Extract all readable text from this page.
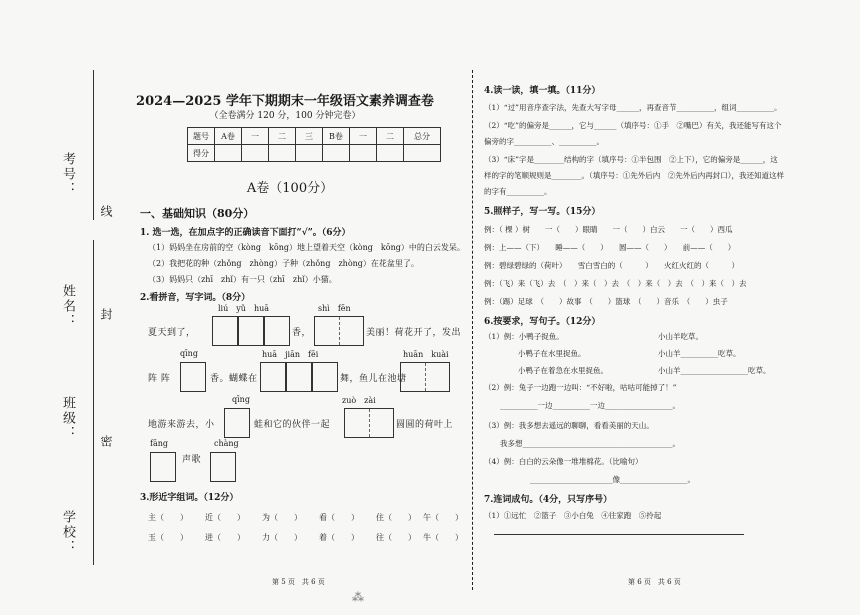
考号：
线
姓名： 封
班级：
密
学校：
2024—2025 学年下期期末一年级语文素养调查卷
（全卷满分 120 分，100 分钟完卷）
题号	A卷	一	二	三	B卷	一	二	总分
得分								
A卷（100分）
一、基础知识（80分）
1. 选一选，在加点字的正确读音下面打“√”。（6分）
（1）妈妈坐在房前的空（kòng　kōng）地上望着天空（kòng　kōng）中的白云发呆。
（2）我把花的种（zhǒng　zhòng）子种（zhǒng　zhòng）在花盆里了。
（3）妈妈只（zhī　zhǐ）有一只（zhī　zhǐ）小猫。
2.看拼音，写字词。（8分）
liú　yǔ　huā	shì　fēn
夏天到了，	香，	美丽！荷花开了，发出
qīng	huā　jiān　fēi	huān　kuài
阵 阵	香。蝴蝶在	舞，鱼儿在池塘
qīng	zuò　zài
地游来游去，小	蛙和它的伙伴一起	圆圆的荷叶上
fāng	chàng
声歌
3.形近字组词。（12分）
主（　　） 近（　　） 为（　　） 看（　　） 住（　　） 午（　　）
玉（　　） 进（　　） 力（　　） 着（　　） 往（　　） 牛（　　）
第 5 页　共 6 页
4.读一读，填一填。（11分）
（1）“过”用音序查字法，先查大写字母______，再查音节__________，组词__________。
（2）“吃”的偏旁是______，它与______（填序号：①手　②嘴巴）有关，我还能写有这个
偏旁的字__________、__________。
（3）“床”字是________结构的字（填序号：①半包围　②上下），它的偏旁是______，这
样的字的笔顺规则是________。（填序号：①先外后内　②先外后内再封口），我还知道这样
的字有__________。
5.照样子，写一写。（15分）
例：（ 棵 ）树　　一（　　）眼睛　　一（　　）白云　　一（　　）西瓜
例：上——（下）　　睡——（　　）　　圆——（　　）　　前——（　　）
例：碧绿碧绿的（荷叶）　　雪白雪白的（　　　）　　火红火红的（　　　）
例：（飞）来（飞）去　（　）来（　）去　（　）来（　）去　（　）来（　）去
例：（踢）足球　（　　）故事　（　　）篮球　（　　）音乐　（　　）虫子
6.按要求，写句子。（12分）
（1）例：小鸭子捉鱼。	小山羊吃草。
小鸭子在水里捉鱼。	小山羊__________吃草。
小鸭子在着急在水里捉鱼。	小山羊__________________吃草。
（2）例：兔子一边跑一边叫：“不好啦，咕咕可能掉了！”
__________一边__________一边__________________。
（3）例：我多想去遥远的聊聊，看看美丽的天山。
我多想________________________________________。
（4）例：白白的云朵像一堆堆棉花。（比喻句）
______________________像__________________。
7.连词成句。（4分，只写序号）
（1）①远忙　②篮子　③小白兔　④往家跑　⑤拎起
第 6 页　共 6 页
⁂
